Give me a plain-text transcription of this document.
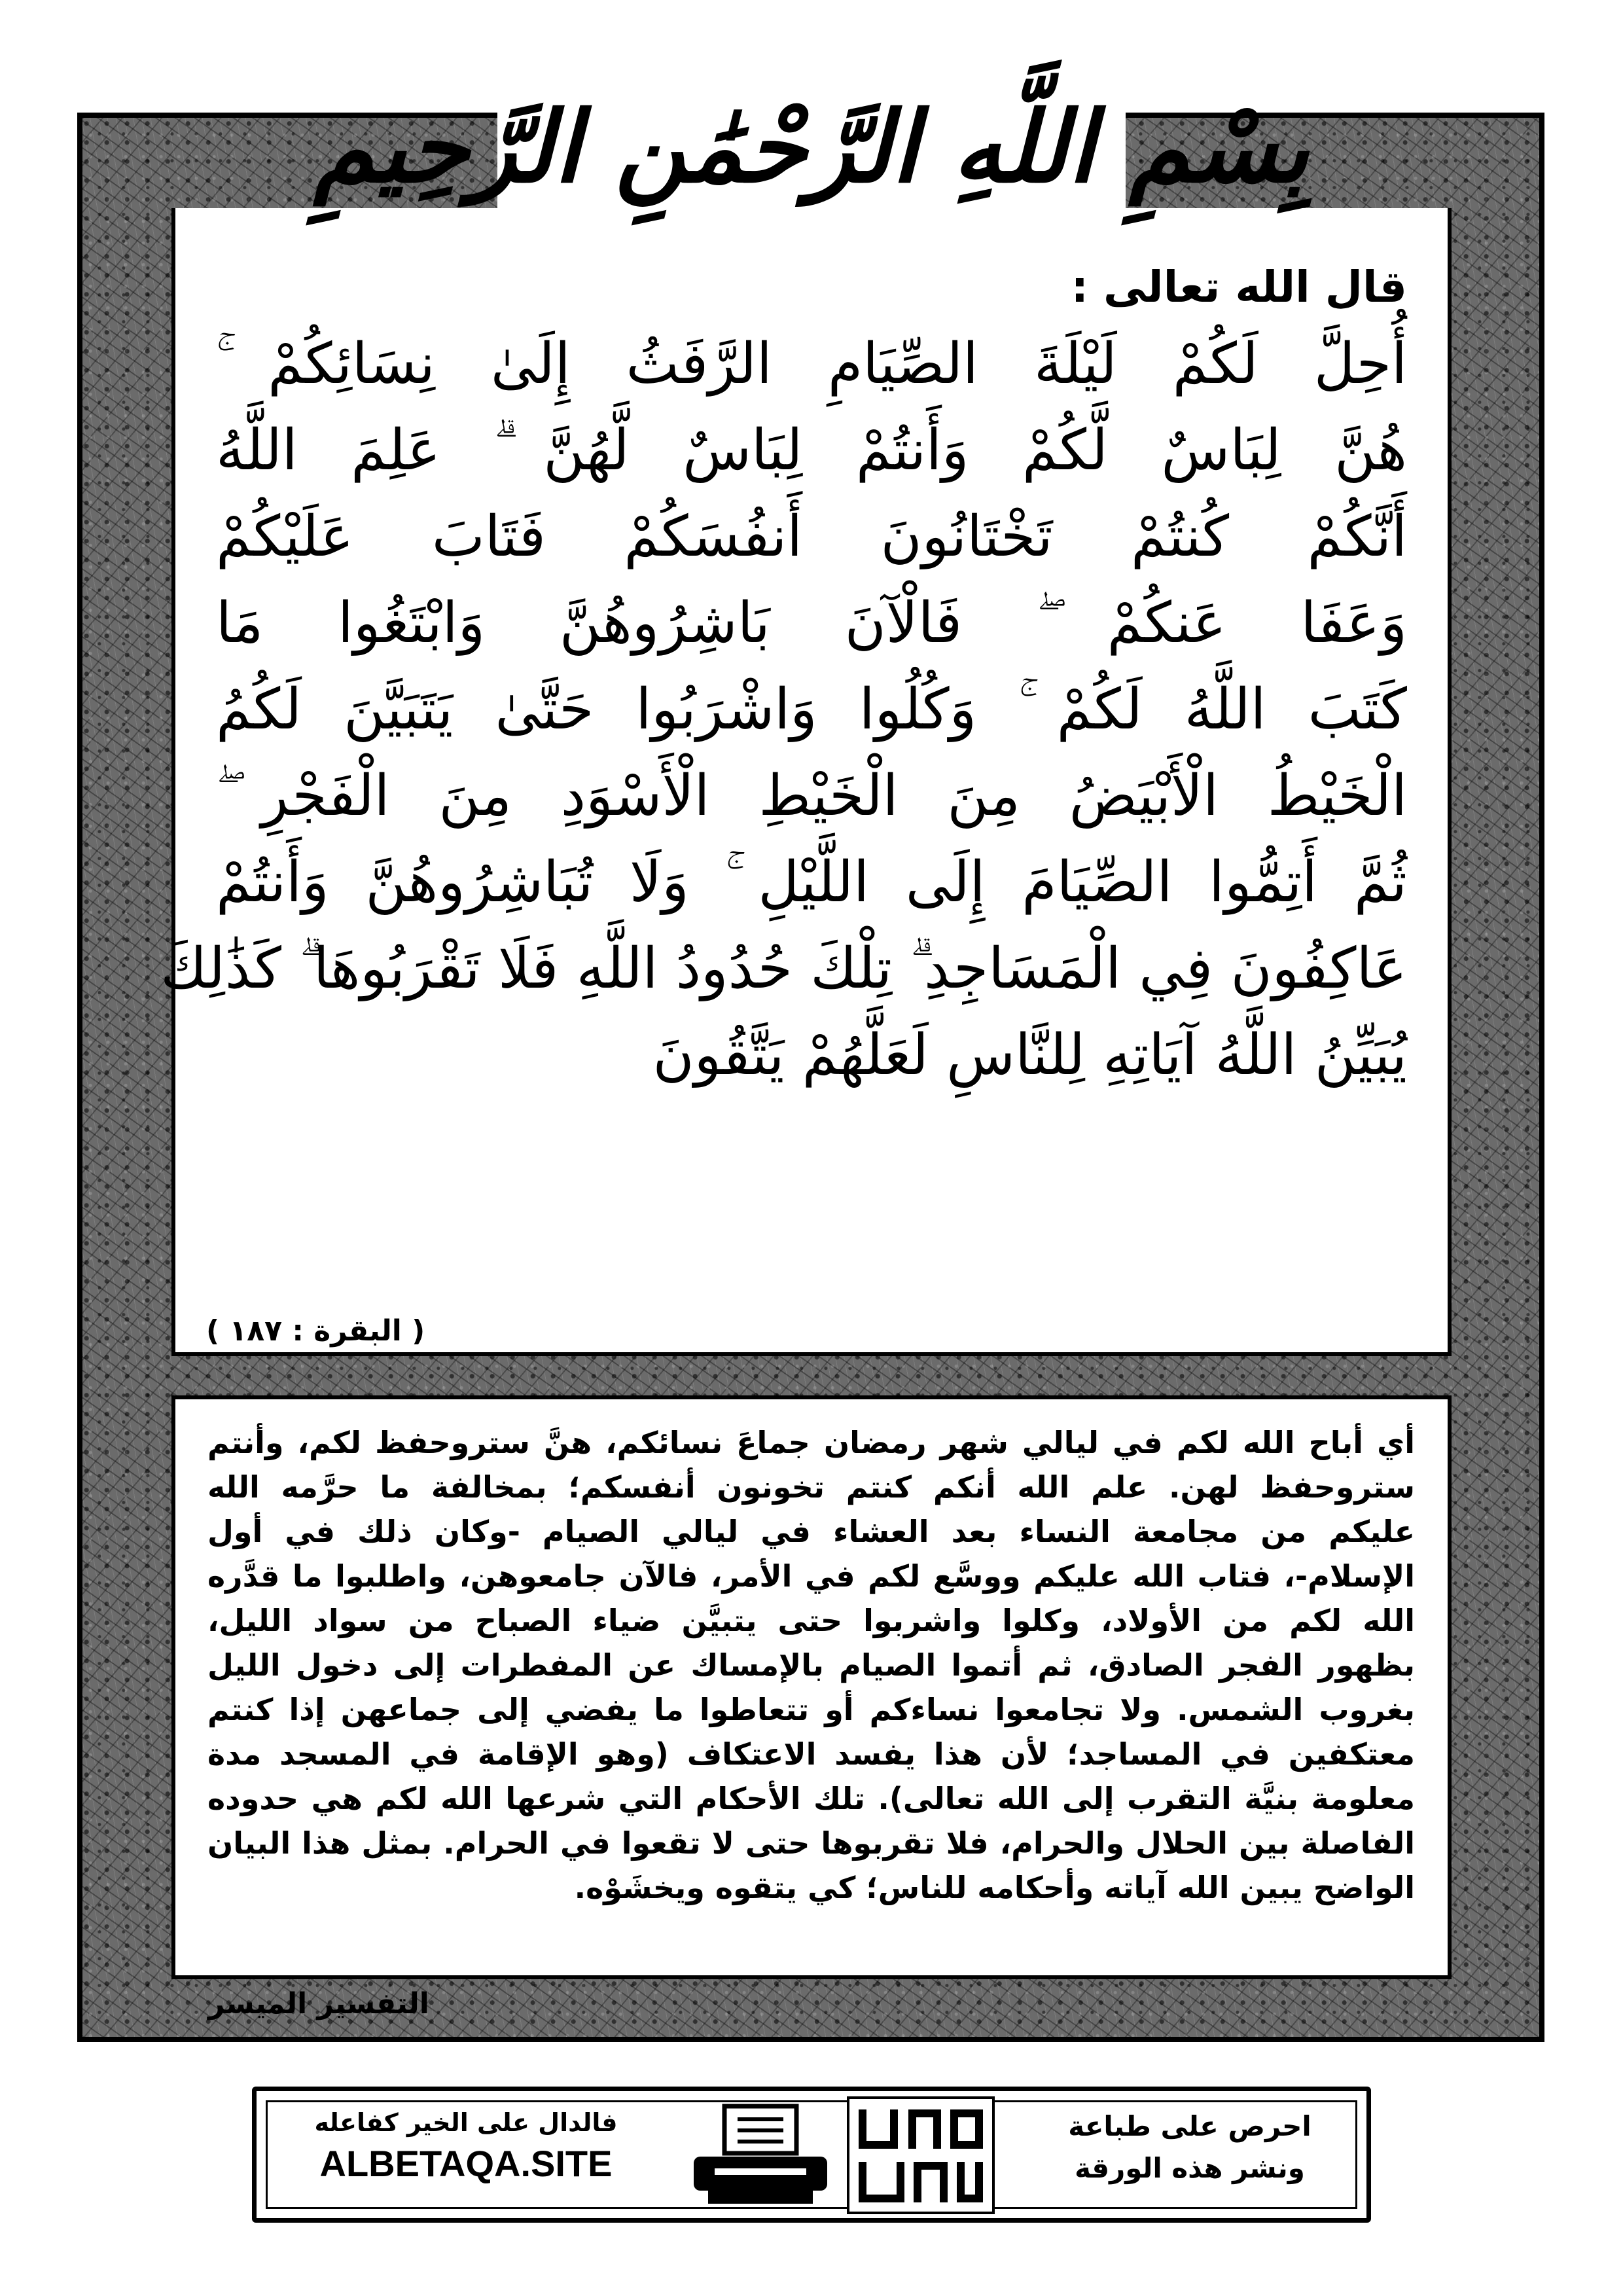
بِسْمِ اللَّهِ الرَّحْمَٰنِ الرَّحِيمِ
قال الله تعالى :
أُحِلَّ لَكُمْ لَيْلَةَ الصِّيَامِ الرَّفَثُ إِلَىٰ نِسَائِكُمْ ۚ
هُنَّ لِبَاسٌ لَّكُمْ وَأَنتُمْ لِبَاسٌ لَّهُنَّ ۗ عَلِمَ اللَّهُ
أَنَّكُمْ كُنتُمْ تَخْتَانُونَ أَنفُسَكُمْ فَتَابَ عَلَيْكُمْ
وَعَفَا عَنكُمْ ۖ فَالْآنَ بَاشِرُوهُنَّ وَابْتَغُوا مَا
كَتَبَ اللَّهُ لَكُمْ ۚ وَكُلُوا وَاشْرَبُوا حَتَّىٰ يَتَبَيَّنَ لَكُمُ
الْخَيْطُ الْأَبْيَضُ مِنَ الْخَيْطِ الْأَسْوَدِ مِنَ الْفَجْرِ ۖ
ثُمَّ أَتِمُّوا الصِّيَامَ إِلَى اللَّيْلِ ۚ وَلَا تُبَاشِرُوهُنَّ وَأَنتُمْ
عَاكِفُونَ فِي الْمَسَاجِدِ ۗ تِلْكَ حُدُودُ اللَّهِ فَلَا تَقْرَبُوهَا ۗ كَذَٰلِكَ
يُبَيِّنُ اللَّهُ آيَاتِهِ لِلنَّاسِ لَعَلَّهُمْ يَتَّقُونَ
( البقرة : ١٨٧ )
أي أباح الله لكم في ليالي شهر رمضان جماعَ نسائكم، هنَّ ستروحفظ لكم، وأنتم
ستروحفظ لهن. علم الله أنكم كنتم تخونون أنفسكم؛ بمخالفة ما حرَّمه الله
عليكم من مجامعة النساء بعد العشاء في ليالي الصيام -وكان ذلك في أول
الإسلام-، فتاب الله عليكم ووسَّع لكم في الأمر، فالآن جامعوهن، واطلبوا ما قدَّره
الله لكم من الأولاد، وكلوا واشربوا حتى يتبيَّن ضياء الصباح من سواد الليل،
بظهور الفجر الصادق، ثم أتموا الصيام بالإمساك عن المفطرات إلى دخول الليل
بغروب الشمس. ولا تجامعوا نساءكم أو تتعاطوا ما يفضي إلى جماعهن إذا كنتم
معتكفين في المساجد؛ لأن هذا يفسد الاعتكاف (وهو الإقامة في المسجد مدة
معلومة بنيَّة التقرب إلى الله تعالى). تلك الأحكام التي شرعها الله لكم هي حدوده
الفاصلة بين الحلال والحرام، فلا تقربوها حتى لا تقعوا في الحرام. بمثل هذا البيان
الواضح يبين الله آياته وأحكامه للناس؛ كي يتقوه ويخشَوْه.
التفسير الميسر
فالدال على الخير كفاعله
ALBETAQA.SITE
احرص على طباعة
ونشر هذه الورقة
